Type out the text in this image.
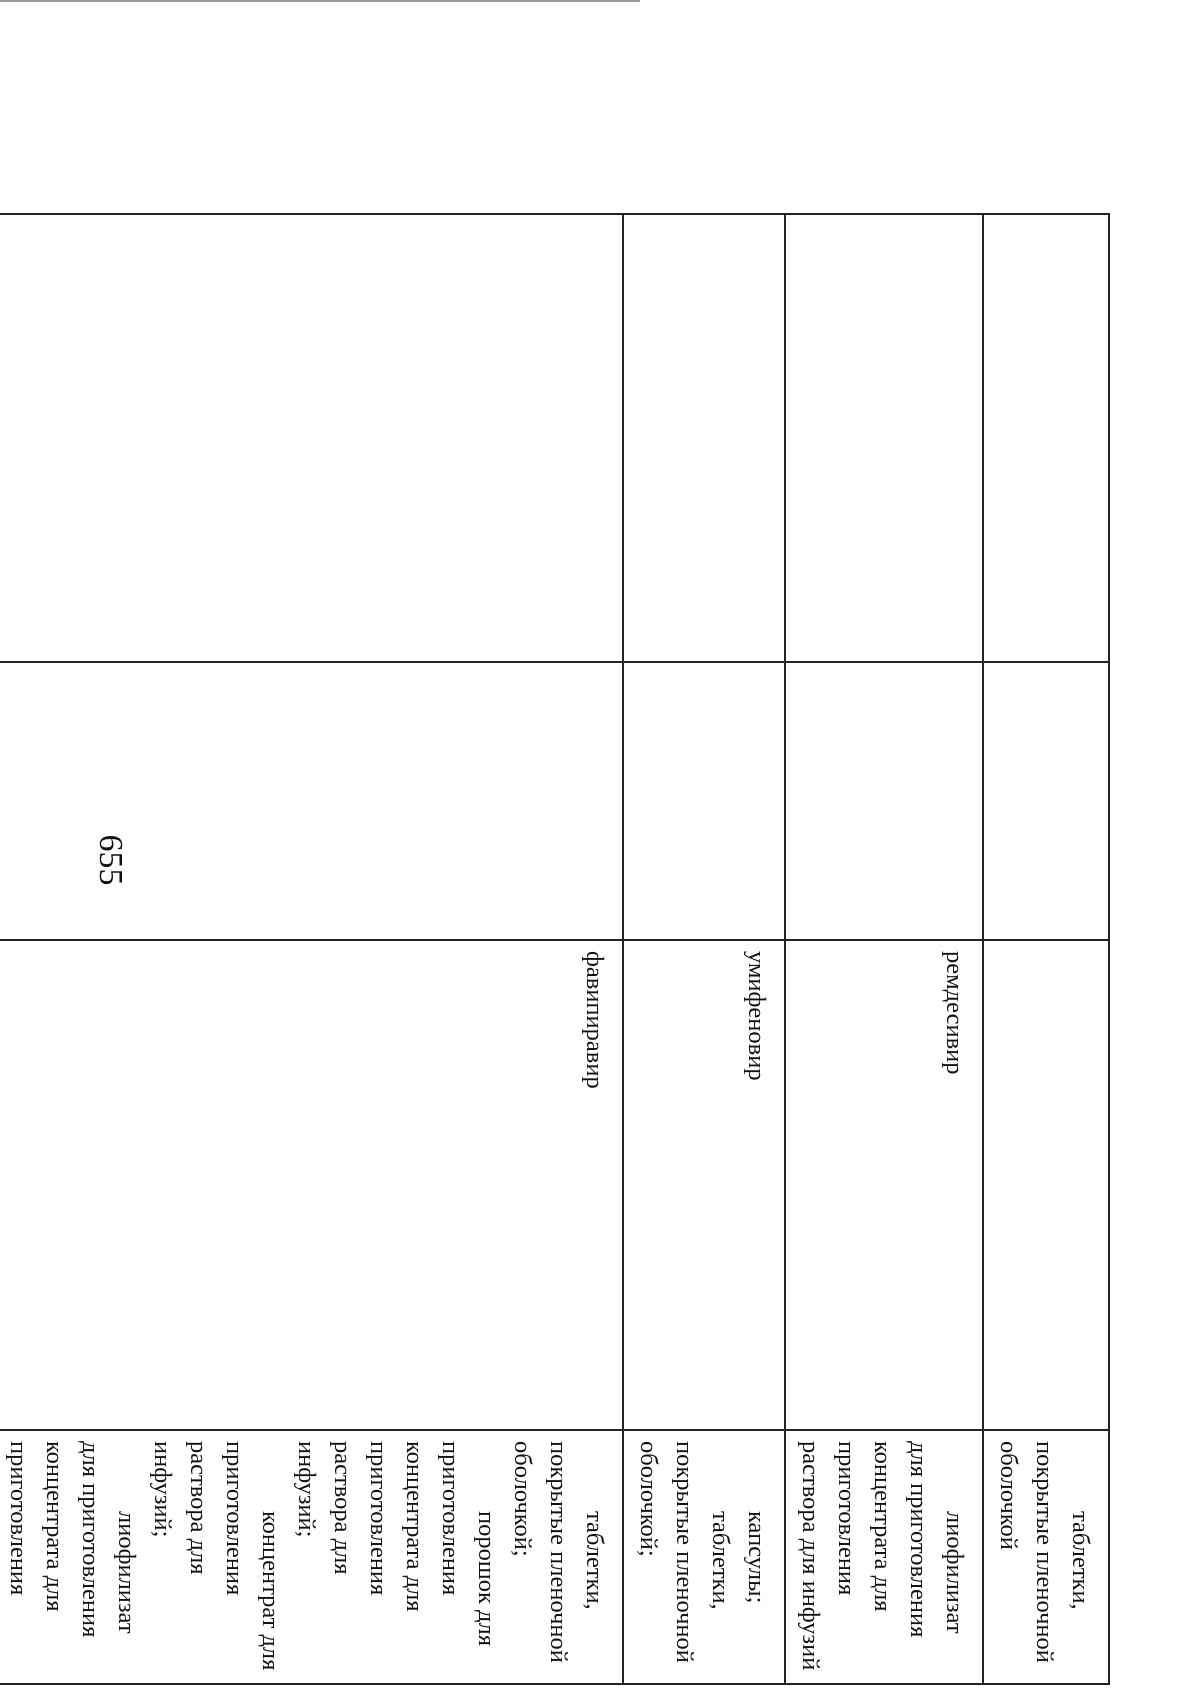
655

			таблетки, покрытые пленочной оболочкой

		ремдесивир	лиофилизат для приготовления концентрата для приготовления раствора для инфузий

		умифеновир	капсулы;
таблетки, покрытые пленочной оболочкой;

		фавипиравир	таблетки, покрытые пленочной оболочкой;
порошок для приготовления концентрата для приготовления раствора для инфузий;
концентрат для приготовления раствора для инфузий;
лиофилизат для приготовления концентрата для приготовления
